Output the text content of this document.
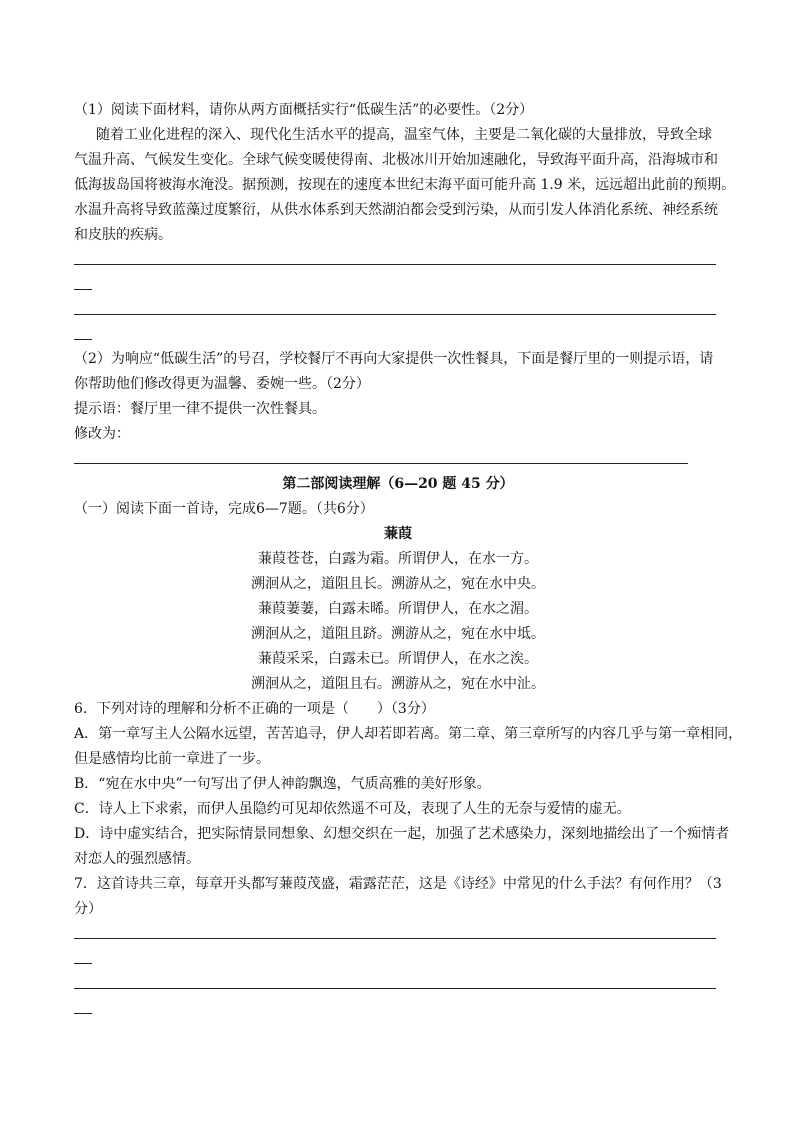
（1）阅读下面材料，请你从两方面概括实行“低碳生活”的必要性。（2分）
随着工业化进程的深入、现代化生活水平的提高，温室气体，主要是二氧化碳的大量排放，导致全球
气温升高、气候发生变化。全球气候变暖使得南、北极冰川开始加速融化，导致海平面升高，沿海城市和
低海拔岛国将被海水淹没。据预测，按现在的速度本世纪末海平面可能升高 1.9 米，远远超出此前的预期。
水温升高将导致蓝藻过度繁衍，从供水体系到天然湖泊都会受到污染，从而引发人体消化系统、神经系统
和皮肤的疾病。
（2）为响应“低碳生活”的号召，学校餐厅不再向大家提供一次性餐具，下面是餐厅里的一则提示语，请
你帮助他们修改得更为温馨、委婉一些。（2分）
提示语：餐厅里一律不提供一次性餐具。
修改为：
第二部阅读理解（6—20 题 45 分）
（一）阅读下面一首诗，完成6—7题。（共6分）
蒹葭
蒹葭苍苍，白露为霜。所谓伊人，在水一方。
溯洄从之，道阻且长。溯游从之，宛在水中央。
蒹葭萋萋，白露未晞。所谓伊人，在水之湄。
溯洄从之，道阻且跻。溯游从之，宛在水中坻。
蒹葭采采，白露未已。所谓伊人，在水之涘。
溯洄从之，道阻且右。溯游从之，宛在水中沚。
6．下列对诗的理解和分析不正确的一项是（　　）（3分）
A．第一章写主人公隔水远望，苦苦追寻，伊人却若即若离。第二章、第三章所写的内容几乎与第一章相同，
但是感情均比前一章进了一步。
B．“宛在水中央”一句写出了伊人神韵飘逸，气质高雅的美好形象。
C．诗人上下求索，而伊人虽隐约可见却依然遥不可及，表现了人生的无奈与爱情的虚无。
D．诗中虚实结合，把实际情景同想象、幻想交织在一起，加强了艺术感染力，深刻地描绘出了一个痴情者
对恋人的强烈感情。
7．这首诗共三章，每章开头都写蒹葭茂盛，霜露茫茫，这是《诗经》中常见的什么手法？有何作用？（3
分）
